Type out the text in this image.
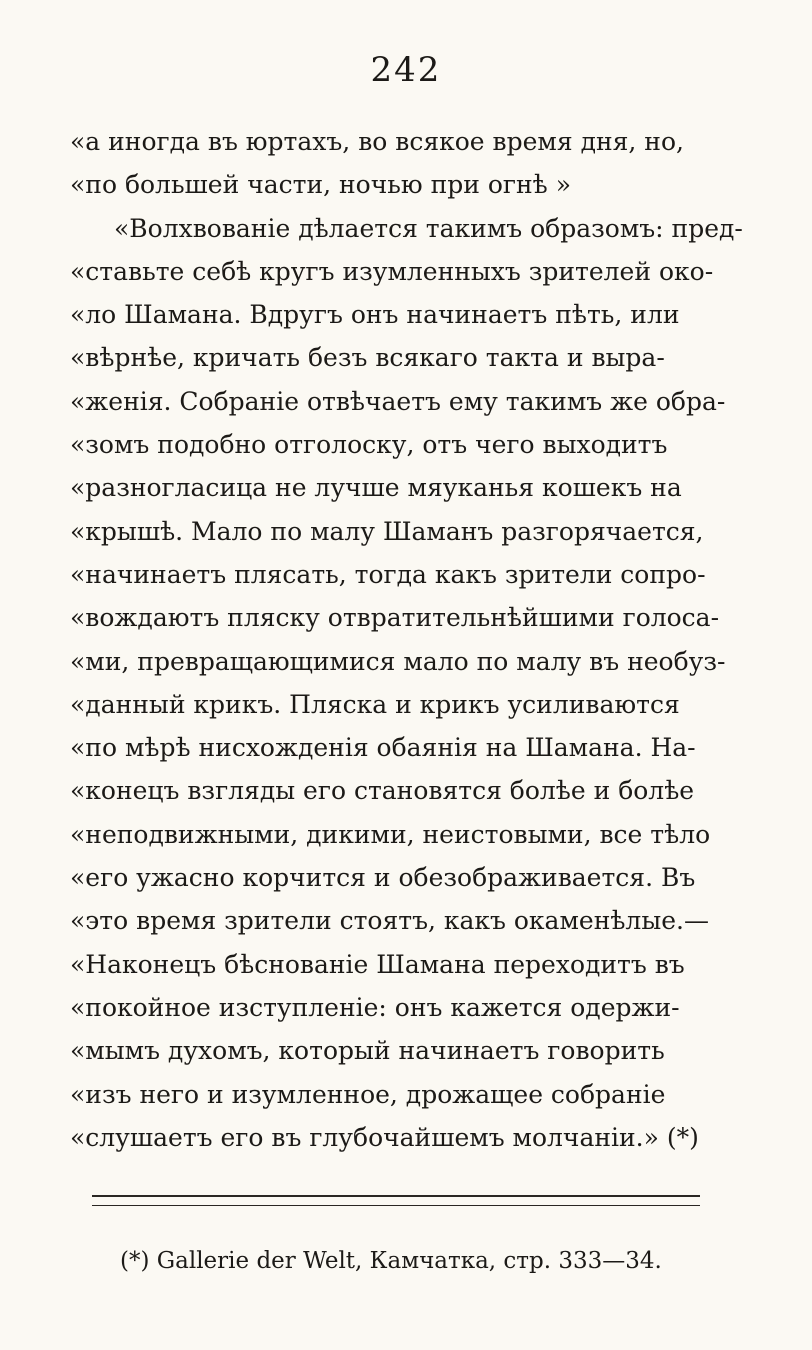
242
«а иногда въ юртахъ, во всякое время дня, но,
«по большей части, ночью при огнѣ »
«Волхвованіе дѣлается такимъ образомъ: пред-
«ставьте себѣ кругъ изумленныхъ зрителей око-
«ло Шамана. Вдругъ онъ начинаетъ пѣть, или
«вѣрнѣе, кричать безъ всякаго такта и выра-
«женія. Собраніе отвѣчаетъ ему такимъ же обра-
«зомъ подобно отголоску, отъ чего выходитъ
«разногласица не лучше мяуканья кошекъ на
«крышѣ. Мало по малу Шаманъ разгорячается,
«начинаетъ плясать, тогда какъ зрители сопро-
«вождаютъ пляску отвратительнѣйшими голоса-
«ми, превращающимися мало по малу въ необуз-
«данный крикъ. Пляска и крикъ усиливаются
«по мѣрѣ нисхожденія обаянія на Шамана. На-
«конецъ взгляды его становятся болѣе и болѣе
«неподвижными, дикими, неистовыми, все тѣло
«его ужасно корчится и обезображивается. Въ
«это время зрители стоятъ, какъ окаменѣлые.—
«Наконецъ бѣснованіе Шамана переходитъ въ
«покойное изступленіе: онъ кажется одержи-
«мымъ духомъ, который начинаетъ говорить
«изъ него и изумленное, дрожащее собраніе
«слушаетъ его въ глубочайшемъ молчаніи.» (*)
(*) Gallerie der Welt, Камчатка, стр. 333—34.
